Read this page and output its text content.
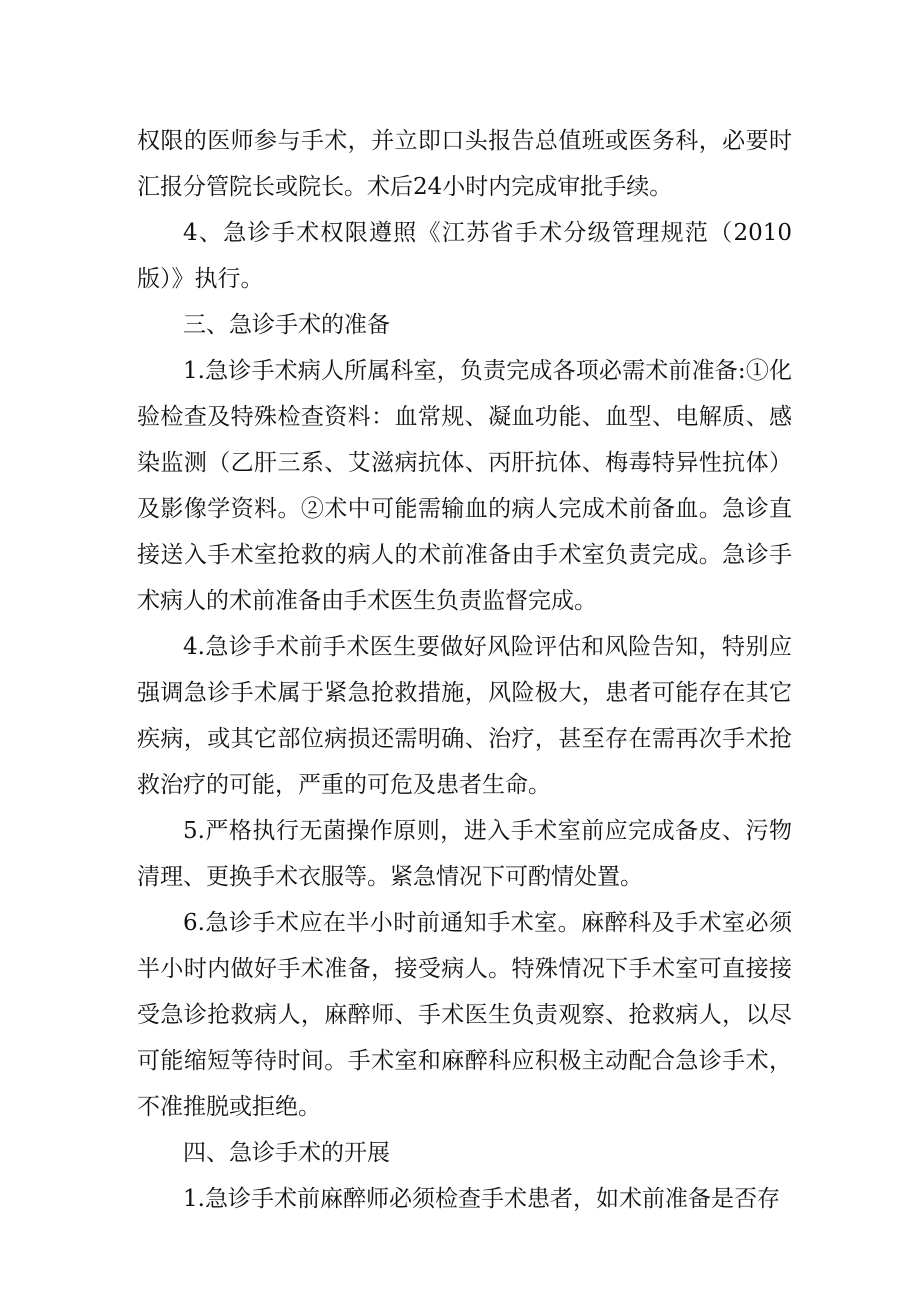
权限的医师参与手术，并立即口头报告总值班或医务科，必要时汇报分管院长或院长。术后24小时内完成审批手续。

4、急诊手术权限遵照《江苏省手术分级管理规范（2010版）》执行。

三、急诊手术的准备

1.急诊手术病人所属科室，负责完成各项必需术前准备:①化验检查及特殊检查资料：血常规、凝血功能、血型、电解质、感染监测（乙肝三系、艾滋病抗体、丙肝抗体、梅毒特异性抗体）及影像学资料。②术中可能需输血的病人完成术前备血。急诊直接送入手术室抢救的病人的术前准备由手术室负责完成。急诊手术病人的术前准备由手术医生负责监督完成。

4.急诊手术前手术医生要做好风险评估和风险告知，特别应强调急诊手术属于紧急抢救措施，风险极大，患者可能存在其它疾病，或其它部位病损还需明确、治疗，甚至存在需再次手术抢救治疗的可能，严重的可危及患者生命。

5.严格执行无菌操作原则，进入手术室前应完成备皮、污物清理、更换手术衣服等。紧急情况下可酌情处置。

6.急诊手术应在半小时前通知手术室。麻醉科及手术室必须半小时内做好手术准备，接受病人。特殊情况下手术室可直接接受急诊抢救病人，麻醉师、手术医生负责观察、抢救病人，以尽可能缩短等待时间。手术室和麻醉科应积极主动配合急诊手术，不准推脱或拒绝。

四、急诊手术的开展

1.急诊手术前麻醉师必须检查手术患者，如术前准备是否存
